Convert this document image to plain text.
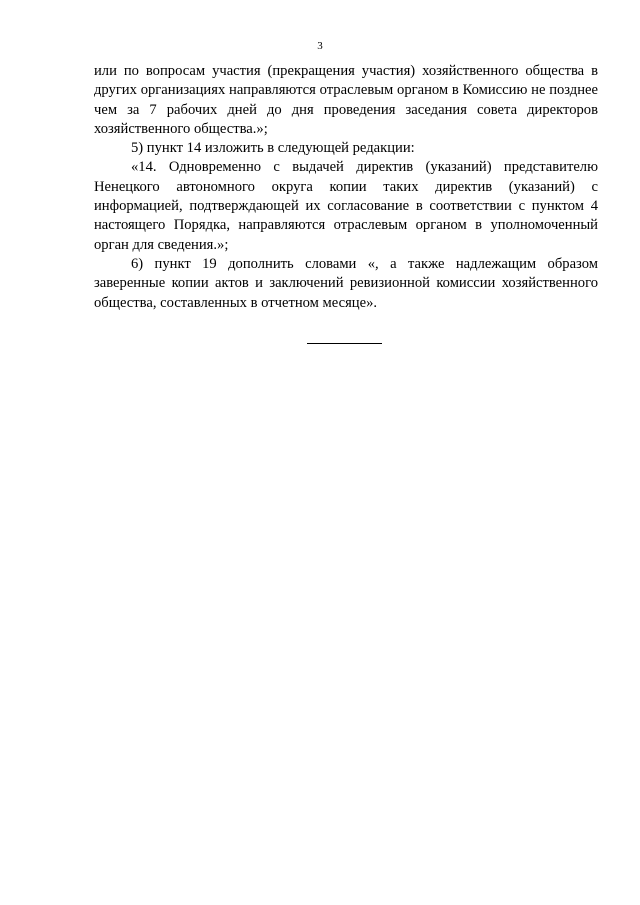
3

или по вопросам участия (прекращения участия) хозяйственного общества в других организациях направляются отраслевым органом в Комиссию не позднее чем за 7 рабочих дней до дня проведения заседания совета директоров хозяйственного общества.»;

5) пункт 14 изложить в следующей редакции:

«14. Одновременно с выдачей директив (указаний) представителю Ненецкого автономного округа копии таких директив (указаний) с информацией, подтверждающей их согласование в соответствии с пунктом 4 настоящего Порядка, направляются отраслевым органом в уполномоченный орган для сведения.»;

6) пункт 19 дополнить словами «, а также надлежащим образом заверенные копии актов и заключений ревизионной комиссии хозяйственного общества, составленных в отчетном месяце».
